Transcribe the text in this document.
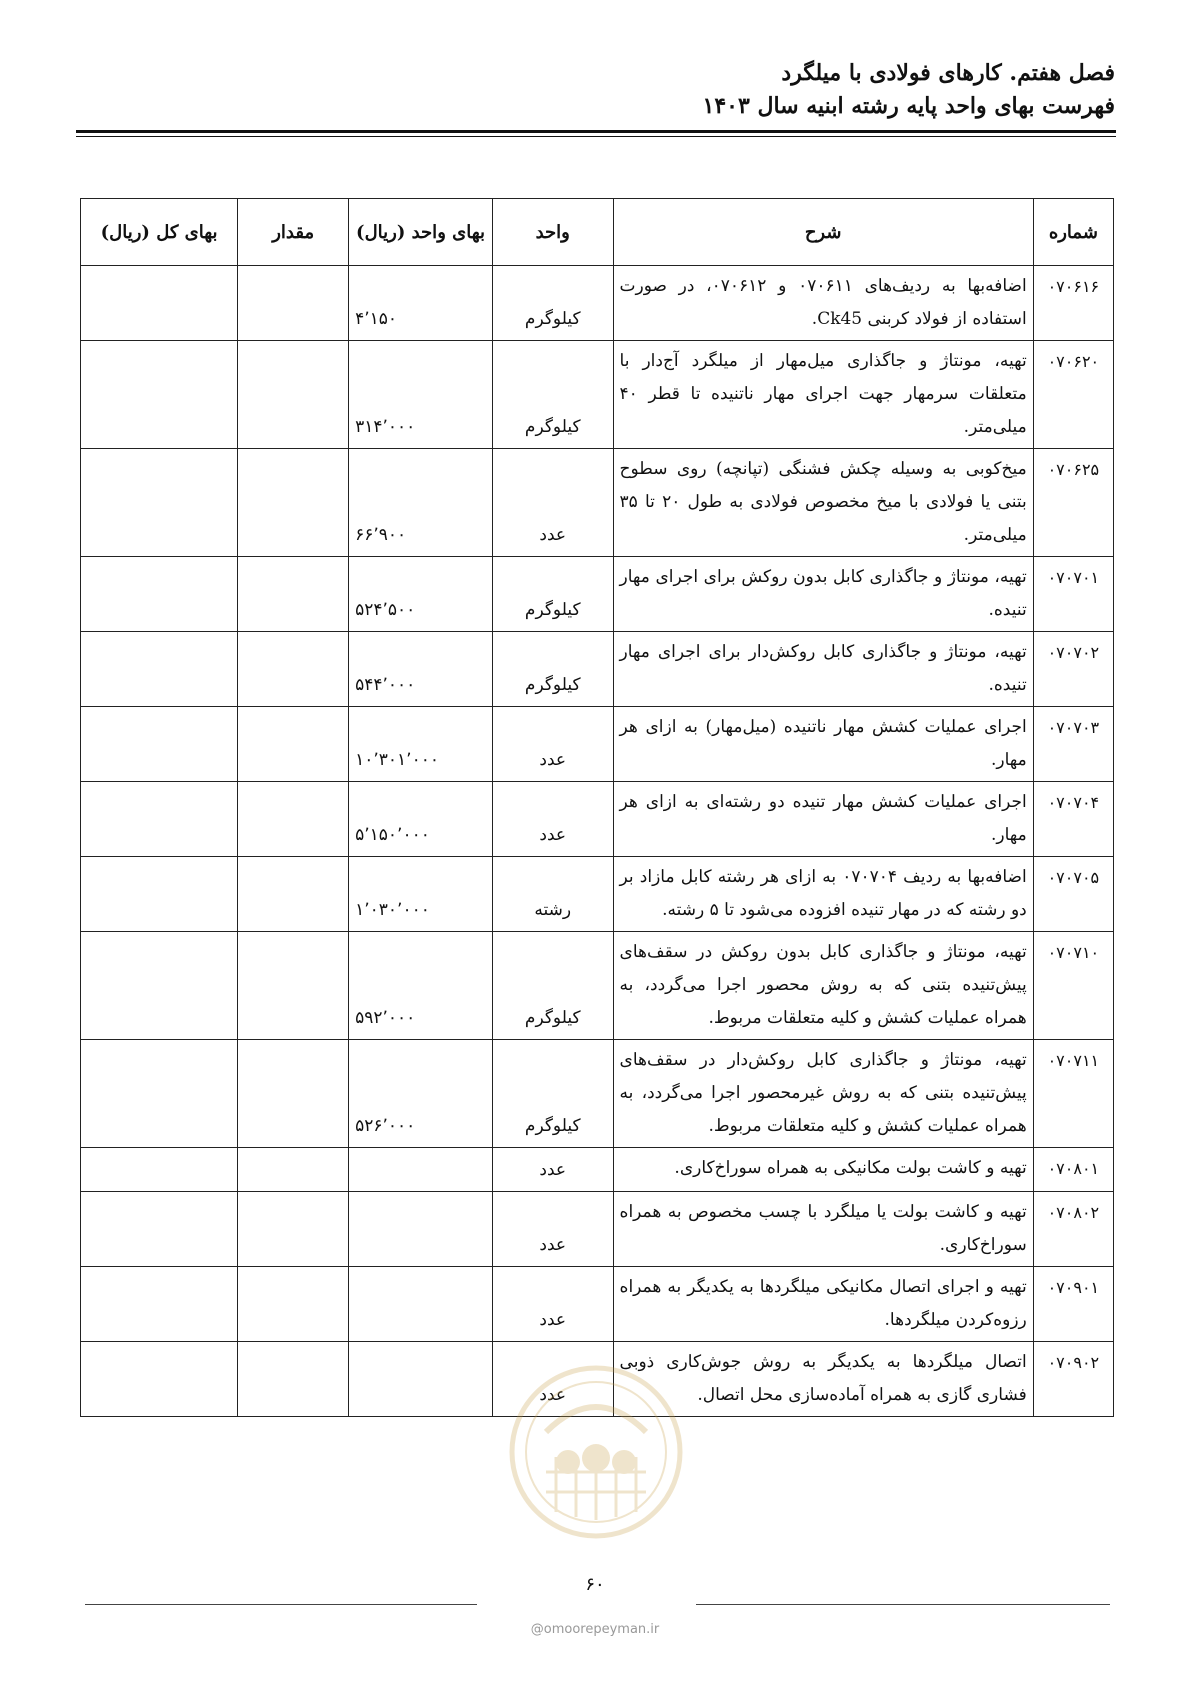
فصل هفتم. کارهای فولادی با میلگرد
فهرست بهای واحد پایه رشته ابنیه سال ۱۴۰۳
شماره	شرح	واحد	بهای واحد (ریال)	مقدار	بهای کل (ریال)
۰۷۰۶۱۶	اضافه‌بها به ردیف‌های ۰۷۰۶۱۱ و ۰۷۰۶۱۲، در صورت استفاده از فولاد کربنی Ck45.	کیلوگرم	۴٬۱۵۰		
۰۷۰۶۲۰	تهیه، مونتاژ و جاگذاری میل‌مهار از میلگرد آج‌دار با متعلقات سرمهار جهت اجرای مهار ناتنیده تا قطر ۴۰ میلی‌متر.	کیلوگرم	۳۱۴٬۰۰۰		
۰۷۰۶۲۵	میخ‌کوبی به وسیله چکش فشنگی (تپانچه) روی سطوح بتنی یا فولادی با میخ مخصوص فولادی به طول ۲۰ تا ۳۵ میلی‌متر.	عدد	۶۶٬۹۰۰		
۰۷۰۷۰۱	تهیه، مونتاژ و جاگذاری کابل بدون روکش برای اجرای مهار تنیده.	کیلوگرم	۵۲۴٬۵۰۰		
۰۷۰۷۰۲	تهیه، مونتاژ و جاگذاری کابل روکش‌دار برای اجرای مهار تنیده.	کیلوگرم	۵۴۴٬۰۰۰		
۰۷۰۷۰۳	اجرای عملیات کشش مهار ناتنیده (میل‌مهار) به ازای هر مهار.	عدد	۱۰٬۳۰۱٬۰۰۰		
۰۷۰۷۰۴	اجرای عملیات کشش مهار تنیده دو رشته‌ای به ازای هر مهار.	عدد	۵٬۱۵۰٬۰۰۰		
۰۷۰۷۰۵	اضافه‌بها به ردیف ۰۷۰۷۰۴ به ازای هر رشته کابل مازاد بر دو رشته که در مهار تنیده افزوده می‌شود تا ۵ رشته.	رشته	۱٬۰۳۰٬۰۰۰		
۰۷۰۷۱۰	تهیه، مونتاژ و جاگذاری کابل بدون روکش در سقف‌های پیش‌تنیده بتنی که به روش محصور اجرا می‌گردد، به همراه عملیات کشش و کلیه متعلقات مربوط.	کیلوگرم	۵۹۲٬۰۰۰		
۰۷۰۷۱۱	تهیه، مونتاژ و جاگذاری کابل روکش‌دار در سقف‌های پیش‌تنیده بتنی که به روش غیرمحصور اجرا می‌گردد، به همراه عملیات کشش و کلیه متعلقات مربوط.	کیلوگرم	۵۲۶٬۰۰۰		
۰۷۰۸۰۱	تهیه و کاشت بولت مکانیکی به همراه سوراخ‌کاری.	عدد			
۰۷۰۸۰۲	تهیه و کاشت بولت یا میلگرد با چسب مخصوص به همراه سوراخ‌کاری.	عدد			
۰۷۰۹۰۱	تهیه و اجرای اتصال مکانیکی میلگردها به یکدیگر به همراه رزوه‌کردن میلگردها.	عدد			
۰۷۰۹۰۲	اتصال میلگردها به یکدیگر به روش جوش‌کاری ذوبی فشاری گازی به همراه آماده‌سازی محل اتصال.	عدد			
۶۰
@omoorepeyman.ir
